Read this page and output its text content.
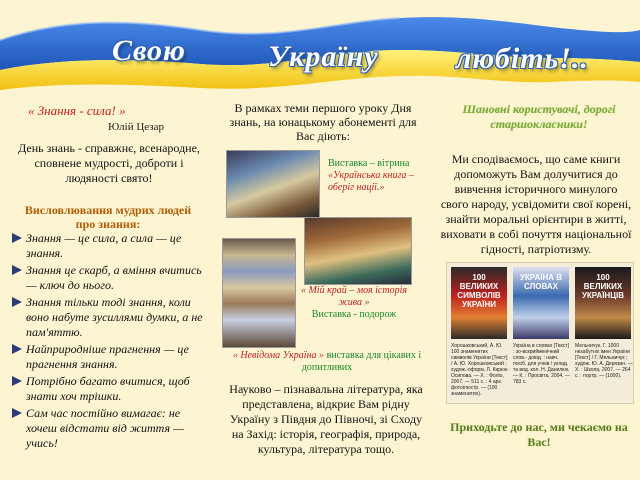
Свою	Україну	любіть!..
« Знання - сила! »
Юлій Цезар
День знань - справжнє, всенародне, сповнене мудрості, доброти і людяності свято!
Висловлювання мудрих людей
про знання:
Знання — це сила, а сила — це знання.
Знання це скарб, а вміння вчитись — ключ до нього.
Знання тільки тоді знання, коли воно набуте зусиллями думки, а не пам'яттю.
Найприродніше прагнення — це прагнення знання.
Потрібно багато вчитися, щоб знати хоч трішки.
Сам час постійно вимагає: не хочеш відстати від життя — учись!
В рамках теми першого уроку Дня знань, на юнацькому абонементі для Вас діють:
Виставка – вітрина
«Українська книга – оберіг нації.»
« Мій край – моя історія жива »
Виставка - подорож
« Невідома Україна » виставка для цікавих і допитливих
Науково – пізнавальна література, яка представлена, відкриє Вам рідну Україну з Півдня до Півночі, зі Сходу на Захід: історія, географія, природа, культура, література тощо.
Шановні користувачі, дорогі старшокласники!
Ми сподіваємось, що саме книги допоможуть Вам долучитися до вивчення історичного минулого свого народу, усвідомити свої корені, знайти моральні орієнтири в житті, виховати в собі почуття національної гідності, патріотизму.
100 ВЕЛИКИХ СИМВОЛІВ УКРАЇНИ
УКРАЇНА В СЛОВАХ
100 ВЕЛИКИХ УКРАЇНЦІВ
Хорошковський, А. Ю. 100 знаменитих символів України [Текст] / А. Ю. Хорошковський ; худож.-оформ. Л. Кирюк-Осипова. — Х. : Фоліо, 2007. — 511 с. : 4 арк. фотоілюстр. — (100 знаменитих).
Україна в словах [Текст] : зо-вскрийменічний слов.- довід. : навч. посіб. для учнів / уклад. та вид. кол. Н. Данилюк. — К. : Просвіта, 2004. — 783 с.
Мельничук, Г. 1000 незабутніх імен України [Текст] / Г. Мельничук ; худож. Ю. А. Дерязин. — Х. : Школа, 2007. — 264 с. : портр. — (1000).
Приходьте до нас, ми чекаємо на Вас!
